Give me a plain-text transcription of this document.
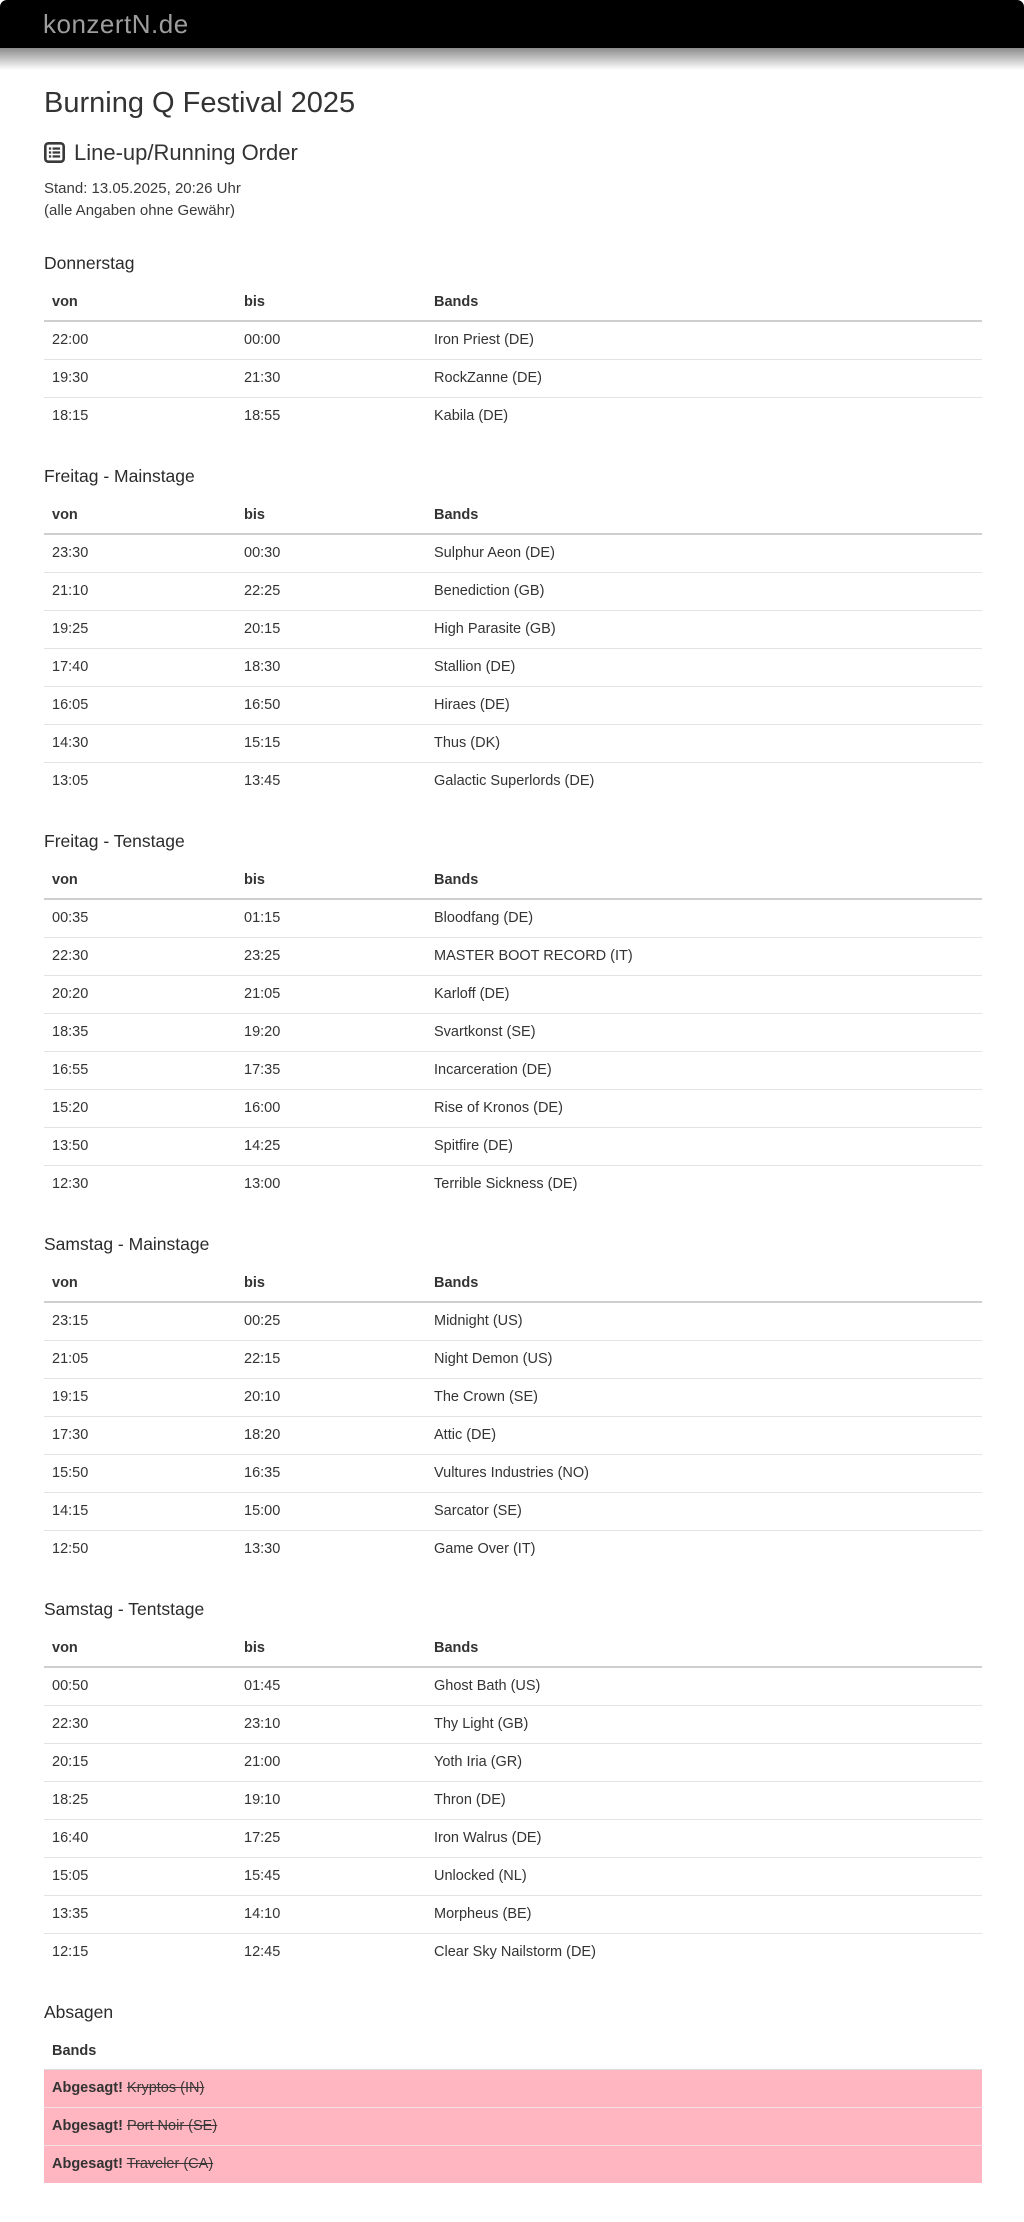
konzertN.de
Burning Q Festival 2025
Line-up/Running Order
Stand: 13.05.2025, 20:26 Uhr
(alle Angaben ohne Gewähr)
Donnerstag
von	bis	Bands
22:00	00:00	Iron Priest (DE)
19:30	21:30	RockZanne (DE)
18:15	18:55	Kabila (DE)
Freitag - Mainstage
von	bis	Bands
23:30	00:30	Sulphur Aeon (DE)
21:10	22:25	Benediction (GB)
19:25	20:15	High Parasite (GB)
17:40	18:30	Stallion (DE)
16:05	16:50	Hiraes (DE)
14:30	15:15	Thus (DK)
13:05	13:45	Galactic Superlords (DE)
Freitag - Tenstage
von	bis	Bands
00:35	01:15	Bloodfang (DE)
22:30	23:25	MASTER BOOT RECORD (IT)
20:20	21:05	Karloff (DE)
18:35	19:20	Svartkonst (SE)
16:55	17:35	Incarceration (DE)
15:20	16:00	Rise of Kronos (DE)
13:50	14:25	Spitfire (DE)
12:30	13:00	Terrible Sickness (DE)
Samstag - Mainstage
von	bis	Bands
23:15	00:25	Midnight (US)
21:05	22:15	Night Demon (US)
19:15	20:10	The Crown (SE)
17:30	18:20	Attic (DE)
15:50	16:35	Vultures Industries (NO)
14:15	15:00	Sarcator (SE)
12:50	13:30	Game Over (IT)
Samstag - Tentstage
von	bis	Bands
00:50	01:45	Ghost Bath (US)
22:30	23:10	Thy Light (GB)
20:15	21:00	Yoth Iria (GR)
18:25	19:10	Thron (DE)
16:40	17:25	Iron Walrus (DE)
15:05	15:45	Unlocked (NL)
13:35	14:10	Morpheus (BE)
12:15	12:45	Clear Sky Nailstorm (DE)
Absagen
Bands
Abgesagt! Kryptos (IN)
Abgesagt! Port Noir (SE)
Abgesagt! Traveler (CA)
